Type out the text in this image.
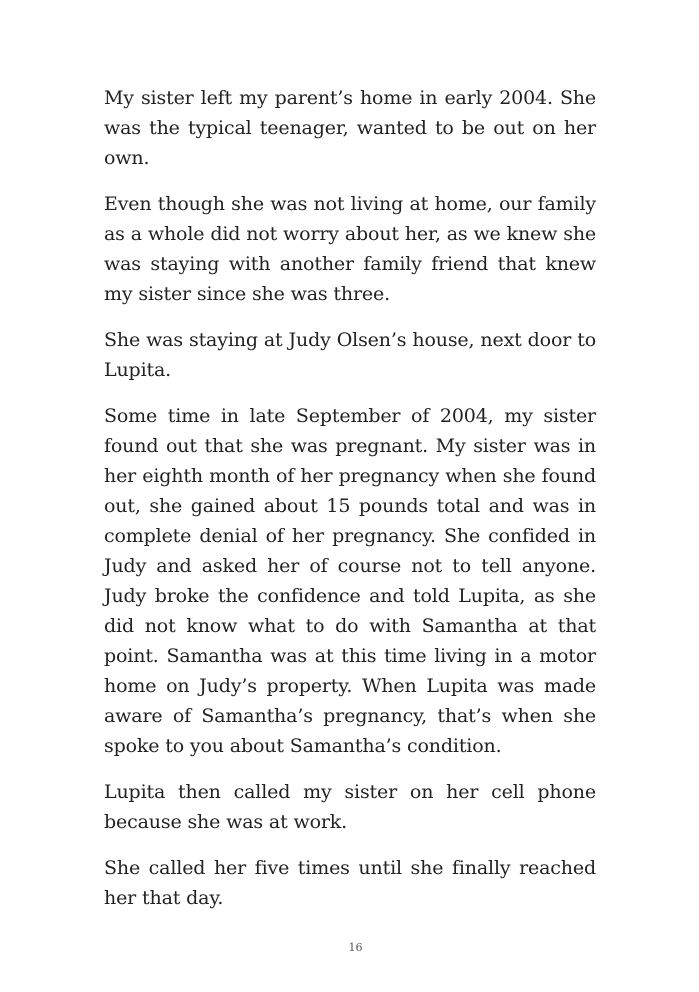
My sister left my parent’s home in early 2004. She was the typical teenager, wanted to be out on her own.

Even though she was not living at home, our family as a whole did not worry about her, as we knew she was staying with another family friend that knew my sister since she was three.

She was staying at Judy Olsen’s house, next door to Lupita.

Some time in late September of 2004, my sister found out that she was pregnant. My sister was in her eighth month of her pregnancy when she found out, she gained about 15 pounds total and was in complete denial of her pregnancy. She confided in Judy and asked her of course not to tell anyone. Judy broke the confidence and told Lupita, as she did not know what to do with Samantha at that point. Samantha was at this time living in a motor home on Judy’s property. When Lupita was made aware of Samantha’s pregnancy, that’s when she spoke to you about Samantha’s condition.

Lupita then called my sister on her cell phone because she was at work.

She called her five times until she finally reached her that day.

16
